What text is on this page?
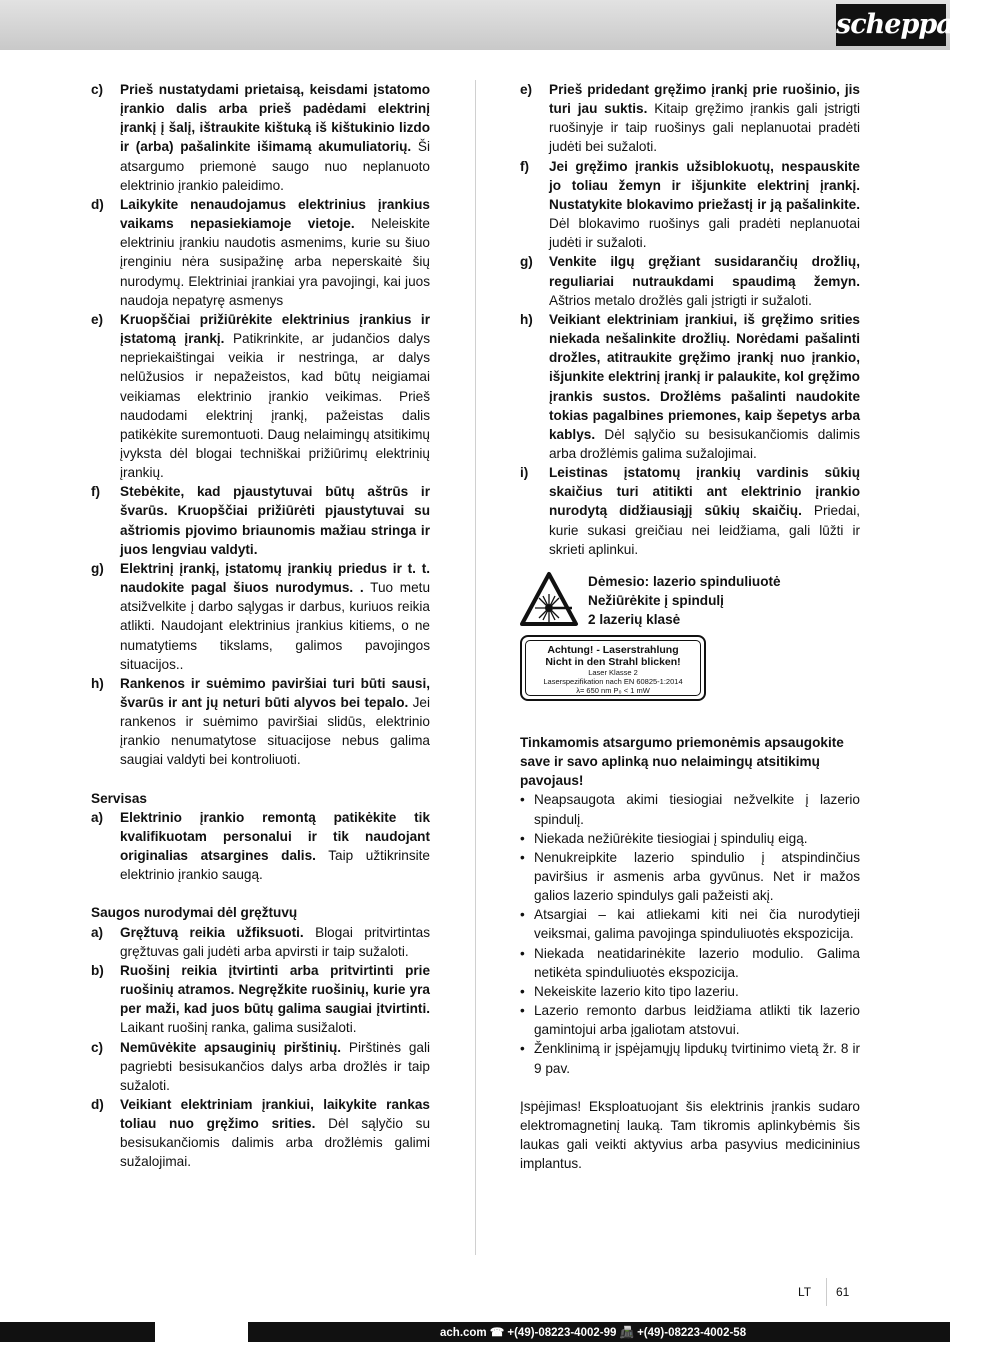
scheppach
c)	Prieš nustatydami prietaisą, keisdami įstatomo įrankio dalis arba prieš padėdami elektrinį įrankį į šalį, ištraukite kištuką iš kištukinio lizdo ir (arba) pašalinkite išimamą akumuliatorių. Ši atsargumo priemonė saugo nuo neplanuoto elektrinio įrankio paleidimo.
d)	Laikykite nenaudojamus elektrinius įrankius vaikams nepasiekiamoje vietoje. Neleiskite elektriniu įrankiu naudotis asmenims, kurie su šiuo įrenginiu nėra susipažinę arba neperskaitė šių nurodymų. Elektriniai įrankiai yra pavojingi, kai juos naudoja nepatyrę asmenys
e)	Kruopščiai prižiūrėkite elektrinius įrankius ir įstatomą įrankį. Patikrinkite, ar judančios dalys nepriekaištingai veikia ir nestringa, ar dalys nelūžusios ir nepažeistos, kad būtų neigiamai veikiamas elektrinio įrankio veikimas. Prieš naudodami elektrinį įrankį, pažeistas dalis patikėkite suremontuoti. Daug nelaimingų atsitikimų įvyksta dėl blogai techniškai prižiūrimų elektrinių įrankių.
f)	Stebėkite, kad pjaustytuvai būtų aštrūs ir švarūs. Kruopščiai prižiūrėti pjaustytuvai su aštriomis pjovimo briaunomis mažiau stringa ir juos lengviau valdyti.
g)	Elektrinį įrankį, įstatomų įrankių priedus ir t. t. naudokite pagal šiuos nurodymus. . Tuo metu atsižvelkite į darbo sąlygas ir darbus, kuriuos reikia atlikti. Naudojant elektrinius įrankius kitiems, o ne numatytiems tikslams, galimos pavojingos situacijos..
h)	Rankenos ir suėmimo paviršiai turi būti sausi, švarūs ir ant jų neturi būti alyvos bei tepalo. Jei rankenos ir suėmimo paviršiai slidūs, elektrinio įrankio nenumatytose situacijose nebus galima saugiai valdyti bei kontroliuoti.
Servisas
a)	Elektrinio įrankio remontą patikėkite tik kvalifikuotam personalui ir tik naudojant originalias atsargines dalis. Taip užtikrinsite elektrinio įrankio saugą.
Saugos nurodymai dėl gręžtuvų
a)	Gręžtuvą reikia užfiksuoti. Blogai pritvirtintas gręžtuvas gali judėti arba apvirsti ir taip sužaloti.
b)	Ruošinį reikia įtvirtinti arba pritvirtinti prie ruošinių atramos. Negręžkite ruošinių, kurie yra per maži, kad juos būtų galima saugiai įtvirtinti. Laikant ruošinį ranka, galima susižaloti.
c)	Nemūvėkite apsauginių pirštinių. Pirštinės gali pagriebti besisukančios dalys arba drožlės ir taip sužaloti.
d)	Veikiant elektriniam įrankiui, laikykite rankas toliau nuo gręžimo srities. Dėl sąlyčio su besisukančiomis dalimis arba drožlėmis galimi sužalojimai.
e)	Prieš pridedant gręžimo įrankį prie ruošinio, jis turi jau suktis. Kitaip gręžimo įrankis gali įstrigti ruošinyje ir taip ruošinys gali neplanuotai pradėti judėti bei sužaloti.
f)	Jei gręžimo įrankis užsiblokuotų, nespauskite jo toliau žemyn ir išjunkite elektrinį įrankį. Nustatykite blokavimo priežastį ir ją pašalinkite. Dėl blokavimo ruošinys gali pradėti neplanuotai judėti ir sužaloti.
g)	Venkite ilgų gręžiant susidarančių drožlių, reguliariai nutraukdami spaudimą žemyn. Aštrios metalo drožlės gali įstrigti ir sužaloti.
h)	Veikiant elektriniam įrankiui, iš gręžimo srities niekada nešalinkite drožlių. Norėdami pašalinti drožles, atitraukite gręžimo įrankį nuo įrankio, išjunkite elektrinį įrankį ir palaukite, kol gręžimo įrankis sustos. Drožlėms pašalinti naudokite tokias pagalbines priemones, kaip šepetys arba kablys. Dėl sąlyčio su besisukančiomis dalimis arba drožlėmis galima sužalojimai.
i)	Leistinas įstatomų įrankių vardinis sūkių skaičius turi atitikti ant elektrinio įrankio nurodytą didžiausiąjį sūkių skaičių. Priedai, kurie sukasi greičiau nei leidžiama, gali lūžti ir skrieti aplinkui.
Dėmesio: lazerio spinduliuotė
Nežiūrėkite į spindulį
2 lazerių klasė
Achtung! - Laserstrahlung
Nicht in den Strahl blicken!
Laser Klasse 2
Laserspezifikation nach EN 60825-1:2014
λ= 650 nm P₀ < 1 mW
Tinkamomis atsargumo priemonėmis apsaugokite save ir savo aplinką nuo nelaimingų atsitikimų pavojaus!
• Neapsaugota akimi tiesiogiai nežvelkite į lazerio spindulį.
• Niekada nežiūrėkite tiesiogiai į spindulių eigą.
• Nenukreipkite lazerio spindulio į atspindinčius paviršius ir asmenis arba gyvūnus. Net ir mažos galios lazerio spindulys gali pažeisti akį.
• Atsargiai – kai atliekami kiti nei čia nurodytieji veiksmai, galima pavojinga spinduliuotės ekspozicija.
• Niekada neatidarinėkite lazerio modulio. Galima netikėta spinduliuotės ekspozicija.
• Nekeiskite lazerio kito tipo lazeriu.
• Lazerio remonto darbus leidžiama atlikti tik lazerio gamintojui arba įgaliotam atstovui.
• Ženklinimą ir įspėjamųjų lipdukų tvirtinimo vietą žr. 8 ir 9 pav.
Įspėjimas! Eksploatuojant šis elektrinis įrankis sudaro elektromagnetinį lauką. Tam tikromis aplinkybėmis šis laukas gali veikti aktyvius arba pasyvius medicininius implantus.
LT 61
ach.com ☎ +(49)-08223-4002-99 📠 +(49)-08223-4002-58
